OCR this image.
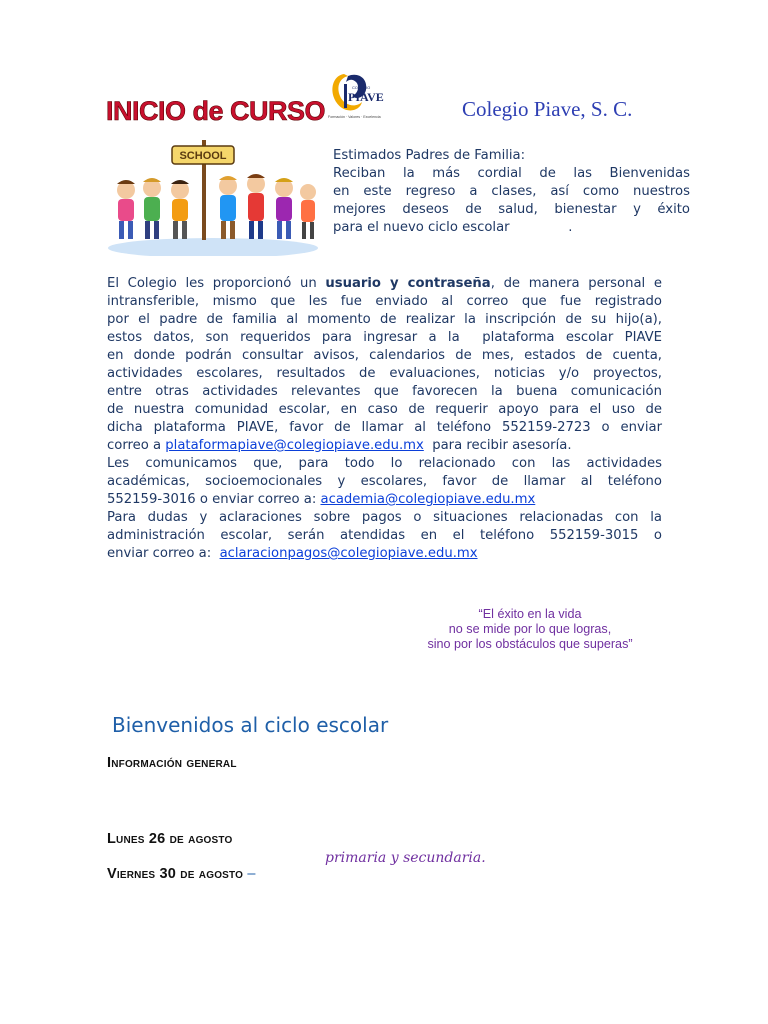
INICIO de CURSO
SCHOOL
COLEGIO
PIAVE
Formación · Valores · Excelencia	Colegio Piave, S. C.
Estimados Padres de Familia:
Reciban la más cordial de las Bienvenidas
en este regreso a clases, así como nuestros
mejores deseos de salud, bienestar y éxito
para el nuevo ciclo escolar              .
El Colegio les proporcionó un usuario y contraseña, de manera personal e
intransferible, mismo que les fue enviado al correo que fue registrado
por el padre de familia al momento de realizar la inscripción de su hijo(a),
estos datos, son requeridos para ingresar a la  plataforma escolar PIAVE
en donde podrán consultar avisos, calendarios de mes, estados de cuenta,
actividades escolares, resultados de evaluaciones, noticias y/o proyectos,
entre otras actividades relevantes que favorecen la buena comunicación
de nuestra comunidad escolar, en caso de requerir apoyo para el uso de
dicha plataforma PIAVE, favor de llamar al teléfono 552159-2723 o enviar
correo a plataformapiave@colegiopiave.edu.mx  para recibir asesoría.
Les comunicamos que, para todo lo relacionado con las actividades
académicas, socioemocionales y escolares, favor de llamar al teléfono
552159-3016 o enviar correo a: academia@colegiopiave.edu.mx
Para dudas y aclaraciones sobre pagos o situaciones relacionadas con la
administración escolar, serán atendidas en el teléfono 552159-3015 o
enviar correo a:  aclaracionpagos@colegiopiave.edu.mx
“El éxito en la vida
no se mide por lo que logras,
sino por los obstáculos que superas”
Bienvenidos al ciclo escolar
Información general
Lunes 26 de agosto
Viernes 30 de agosto –
primaria y secundaria.
